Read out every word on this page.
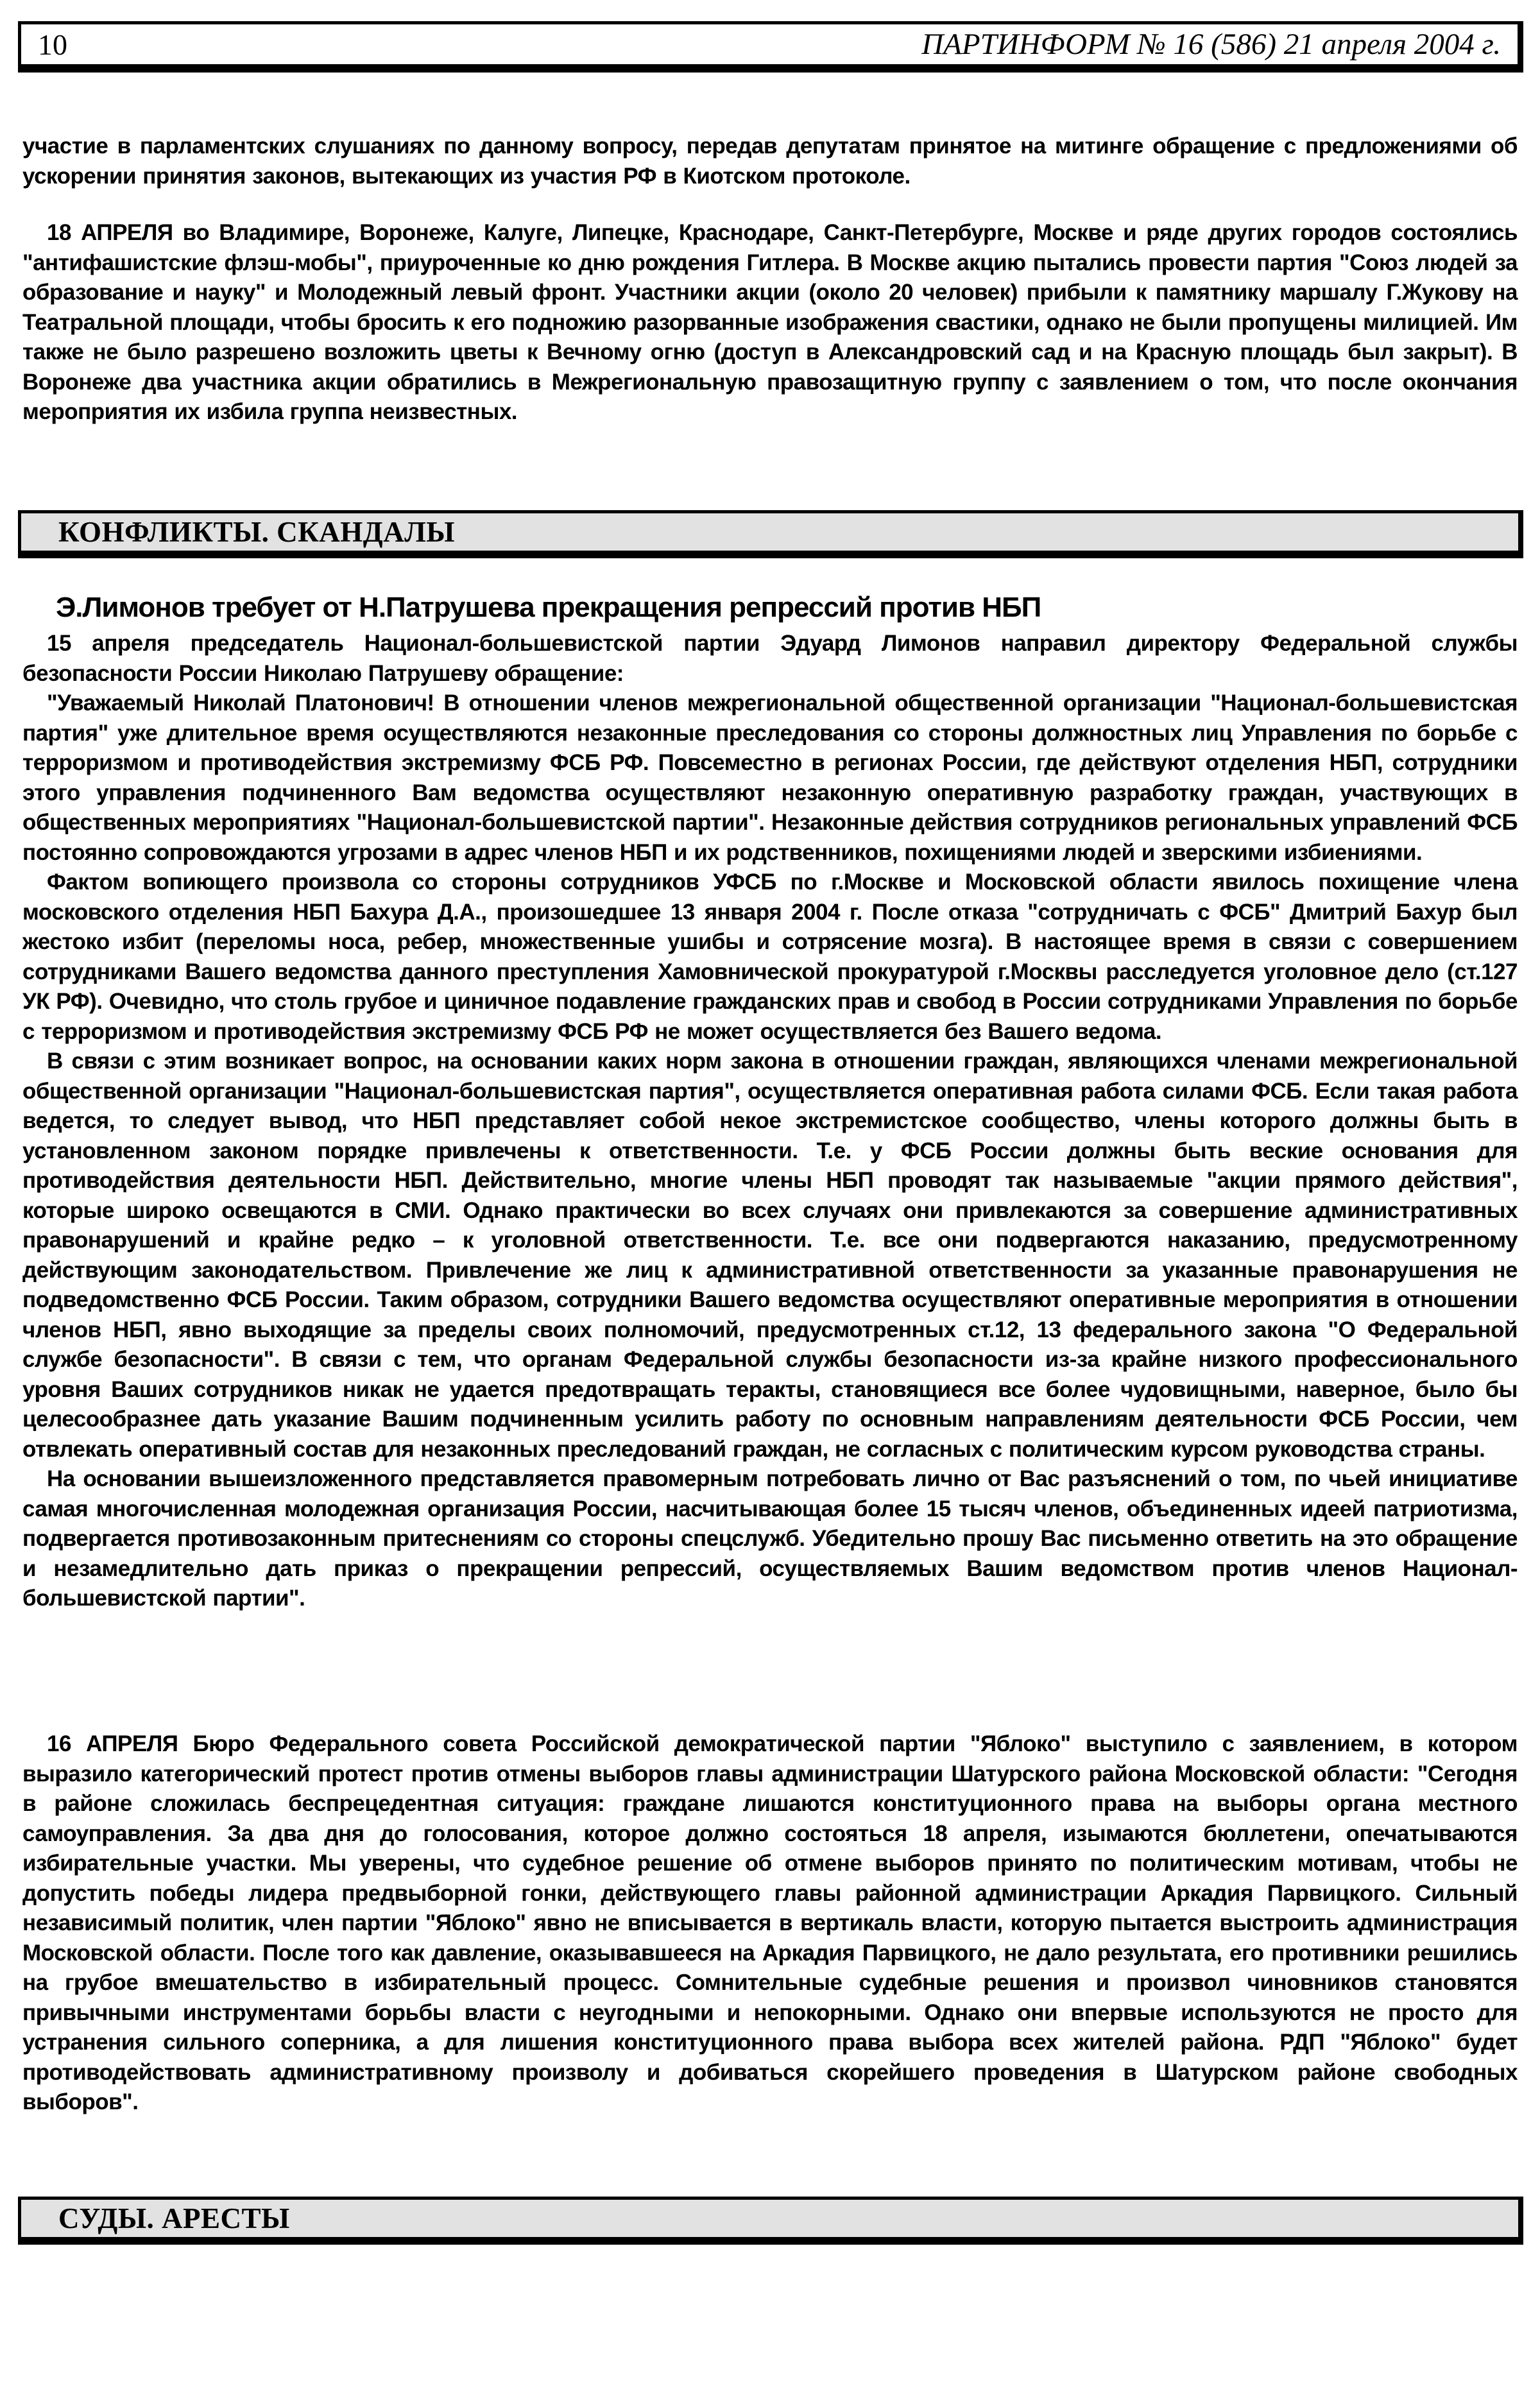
10	ПАРТИНФОРМ № 16 (586) 21 апреля 2004 г.

участие в парламентских слушаниях по данному вопросу, передав депутатам принятое на митинге обращение с предложениями об ускорении принятия законов, вытекающих из участия РФ в Киотском протоколе.

18 АПРЕЛЯ во Владимире, Воронеже, Калуге, Липецке, Краснодаре, Санкт-Петербурге, Москве и ряде других городов состоялись "антифашистские флэш-мобы", приуроченные ко дню рождения Гитлера. В Москве акцию пытались провести партия "Союз людей за образование и науку" и Молодежный левый фронт. Участники акции (около 20 человек) прибыли к памятнику маршалу Г.Жукову на Театральной площади, чтобы бросить к его подножию разорванные изображения свастики, однако не были пропущены милицией. Им также не было разрешено возложить цветы к Вечному огню (доступ в Александровский сад и на Красную площадь был закрыт). В Воронеже два участника акции обратились в Межрегиональную правозащитную группу с заявлением о том, что после окончания мероприятия их избила группа неизвестных.

КОНФЛИКТЫ. СКАНДАЛЫ
Э.Лимонов требует от Н.Патрушева прекращения репрессий против НБП

15 апреля председатель Национал-большевистской партии Эдуард Лимонов направил директору Федеральной службы безопасности России Николаю Патрушеву обращение:

"Уважаемый Николай Платонович! В отношении членов межрегиональной общественной организации "Национал-большевистская партия" уже длительное время осуществляются незаконные преследования со стороны должностных лиц Управления по борьбе с терроризмом и противодействия экстремизму ФСБ РФ. Повсеместно в регионах России, где действуют отделения НБП, сотрудники этого управления подчиненного Вам ведомства осуществляют незаконную оперативную разработку граждан, участвующих в общественных мероприятиях "Национал-большевистской партии". Незаконные действия сотрудников региональных управлений ФСБ постоянно сопровождаются угрозами в адрес членов НБП и их родственников, похищениями людей и зверскими избиениями.

Фактом вопиющего произвола со стороны сотрудников УФСБ по г.Москве и Московской области явилось похищение члена московского отделения НБП Бахура Д.А., произошедшее 13 января 2004 г. После отказа "сотрудничать с ФСБ" Дмитрий Бахур был жестоко избит (переломы носа, ребер, множественные ушибы и сотрясение мозга). В настоящее время в связи с совершением сотрудниками Вашего ведомства данного преступления Хамовнической прокуратурой г.Москвы расследуется уголовное дело (ст.127 УК РФ). Очевидно, что столь грубое и циничное подавление гражданских прав и свобод в России сотрудниками Управления по борьбе с терроризмом и противодействия экстремизму ФСБ РФ не может осуществляется без Вашего ведома.

В связи с этим возникает вопрос, на основании каких норм закона в отношении граждан, являющихся членами межрегиональной общественной организации "Национал-большевистская партия", осуществляется оперативная работа силами ФСБ. Если такая работа ведется, то следует вывод, что НБП представляет собой некое экстремистское сообщество, члены которого должны быть в установленном законом порядке привлечены к ответственности. Т.е. у ФСБ России должны быть веские основания для противодействия деятельности НБП. Действительно, многие члены НБП проводят так называемые "акции прямого действия", которые широко освещаются в СМИ. Однако практически во всех случаях они привлекаются за совершение административных правонарушений и крайне редко – к уголовной ответственности. Т.е. все они подвергаются наказанию, предусмотренному действующим законодательством. Привлечение же лиц к административной ответственности за указанные правонарушения не подведомственно ФСБ России. Таким образом, сотрудники Вашего ведомства осуществляют оперативные мероприятия в отношении членов НБП, явно выходящие за пределы своих полномочий, предусмотренных ст.12, 13 федерального закона "О Федеральной службе безопасности". В связи с тем, что органам Федеральной службы безопасности из-за крайне низкого профессионального уровня Ваших сотрудников никак не удается предотвращать теракты, становящиеся все более чудовищными, наверное, было бы целесообразнее дать указание Вашим подчиненным усилить работу по основным направлениям деятельности ФСБ России, чем отвлекать оперативный состав для незаконных преследований граждан, не согласных с политическим курсом руководства страны.

На основании вышеизложенного представляется правомерным потребовать лично от Вас разъяснений о том, по чьей инициативе самая многочисленная молодежная организация России, насчитывающая более 15 тысяч членов, объединенных идеей патриотизма, подвергается противозаконным притеснениям со стороны спецслужб. Убедительно прошу Вас письменно ответить на это обращение и незамедлительно дать приказ о прекращении репрессий, осуществляемых Вашим ведомством против членов Национал-большевистской партии".

16 АПРЕЛЯ Бюро Федерального совета Российской демократической партии "Яблоко" выступило с заявлением, в котором выразило категорический протест против отмены выборов главы администрации Шатурского района Московской области: "Сегодня в районе сложилась беспрецедентная ситуация: граждане лишаются конституционного права на выборы органа местного самоуправления. За два дня до голосования, которое должно состояться 18 апреля, изымаются бюллетени, опечатываются избирательные участки. Мы уверены, что судебное решение об отмене выборов принято по политическим мотивам, чтобы не допустить победы лидера предвыборной гонки, действующего главы районной администрации Аркадия Парвицкого. Сильный независимый политик, член партии "Яблоко" явно не вписывается в вертикаль власти, которую пытается выстроить администрация Московской области. После того как давление, оказывавшееся на Аркадия Парвицкого, не дало результата, его противники решились на грубое вмешательство в избирательный процесс. Сомнительные судебные решения и произвол чиновников становятся привычными инструментами борьбы власти с неугодными и непокорными. Однако они впервые используются не просто для устранения сильного соперника, а для лишения конституционного права выбора всех жителей района. РДП "Яблоко" будет противодействовать административному произволу и добиваться скорейшего проведения в Шатурском районе свободных выборов".

СУДЫ. АРЕСТЫ
